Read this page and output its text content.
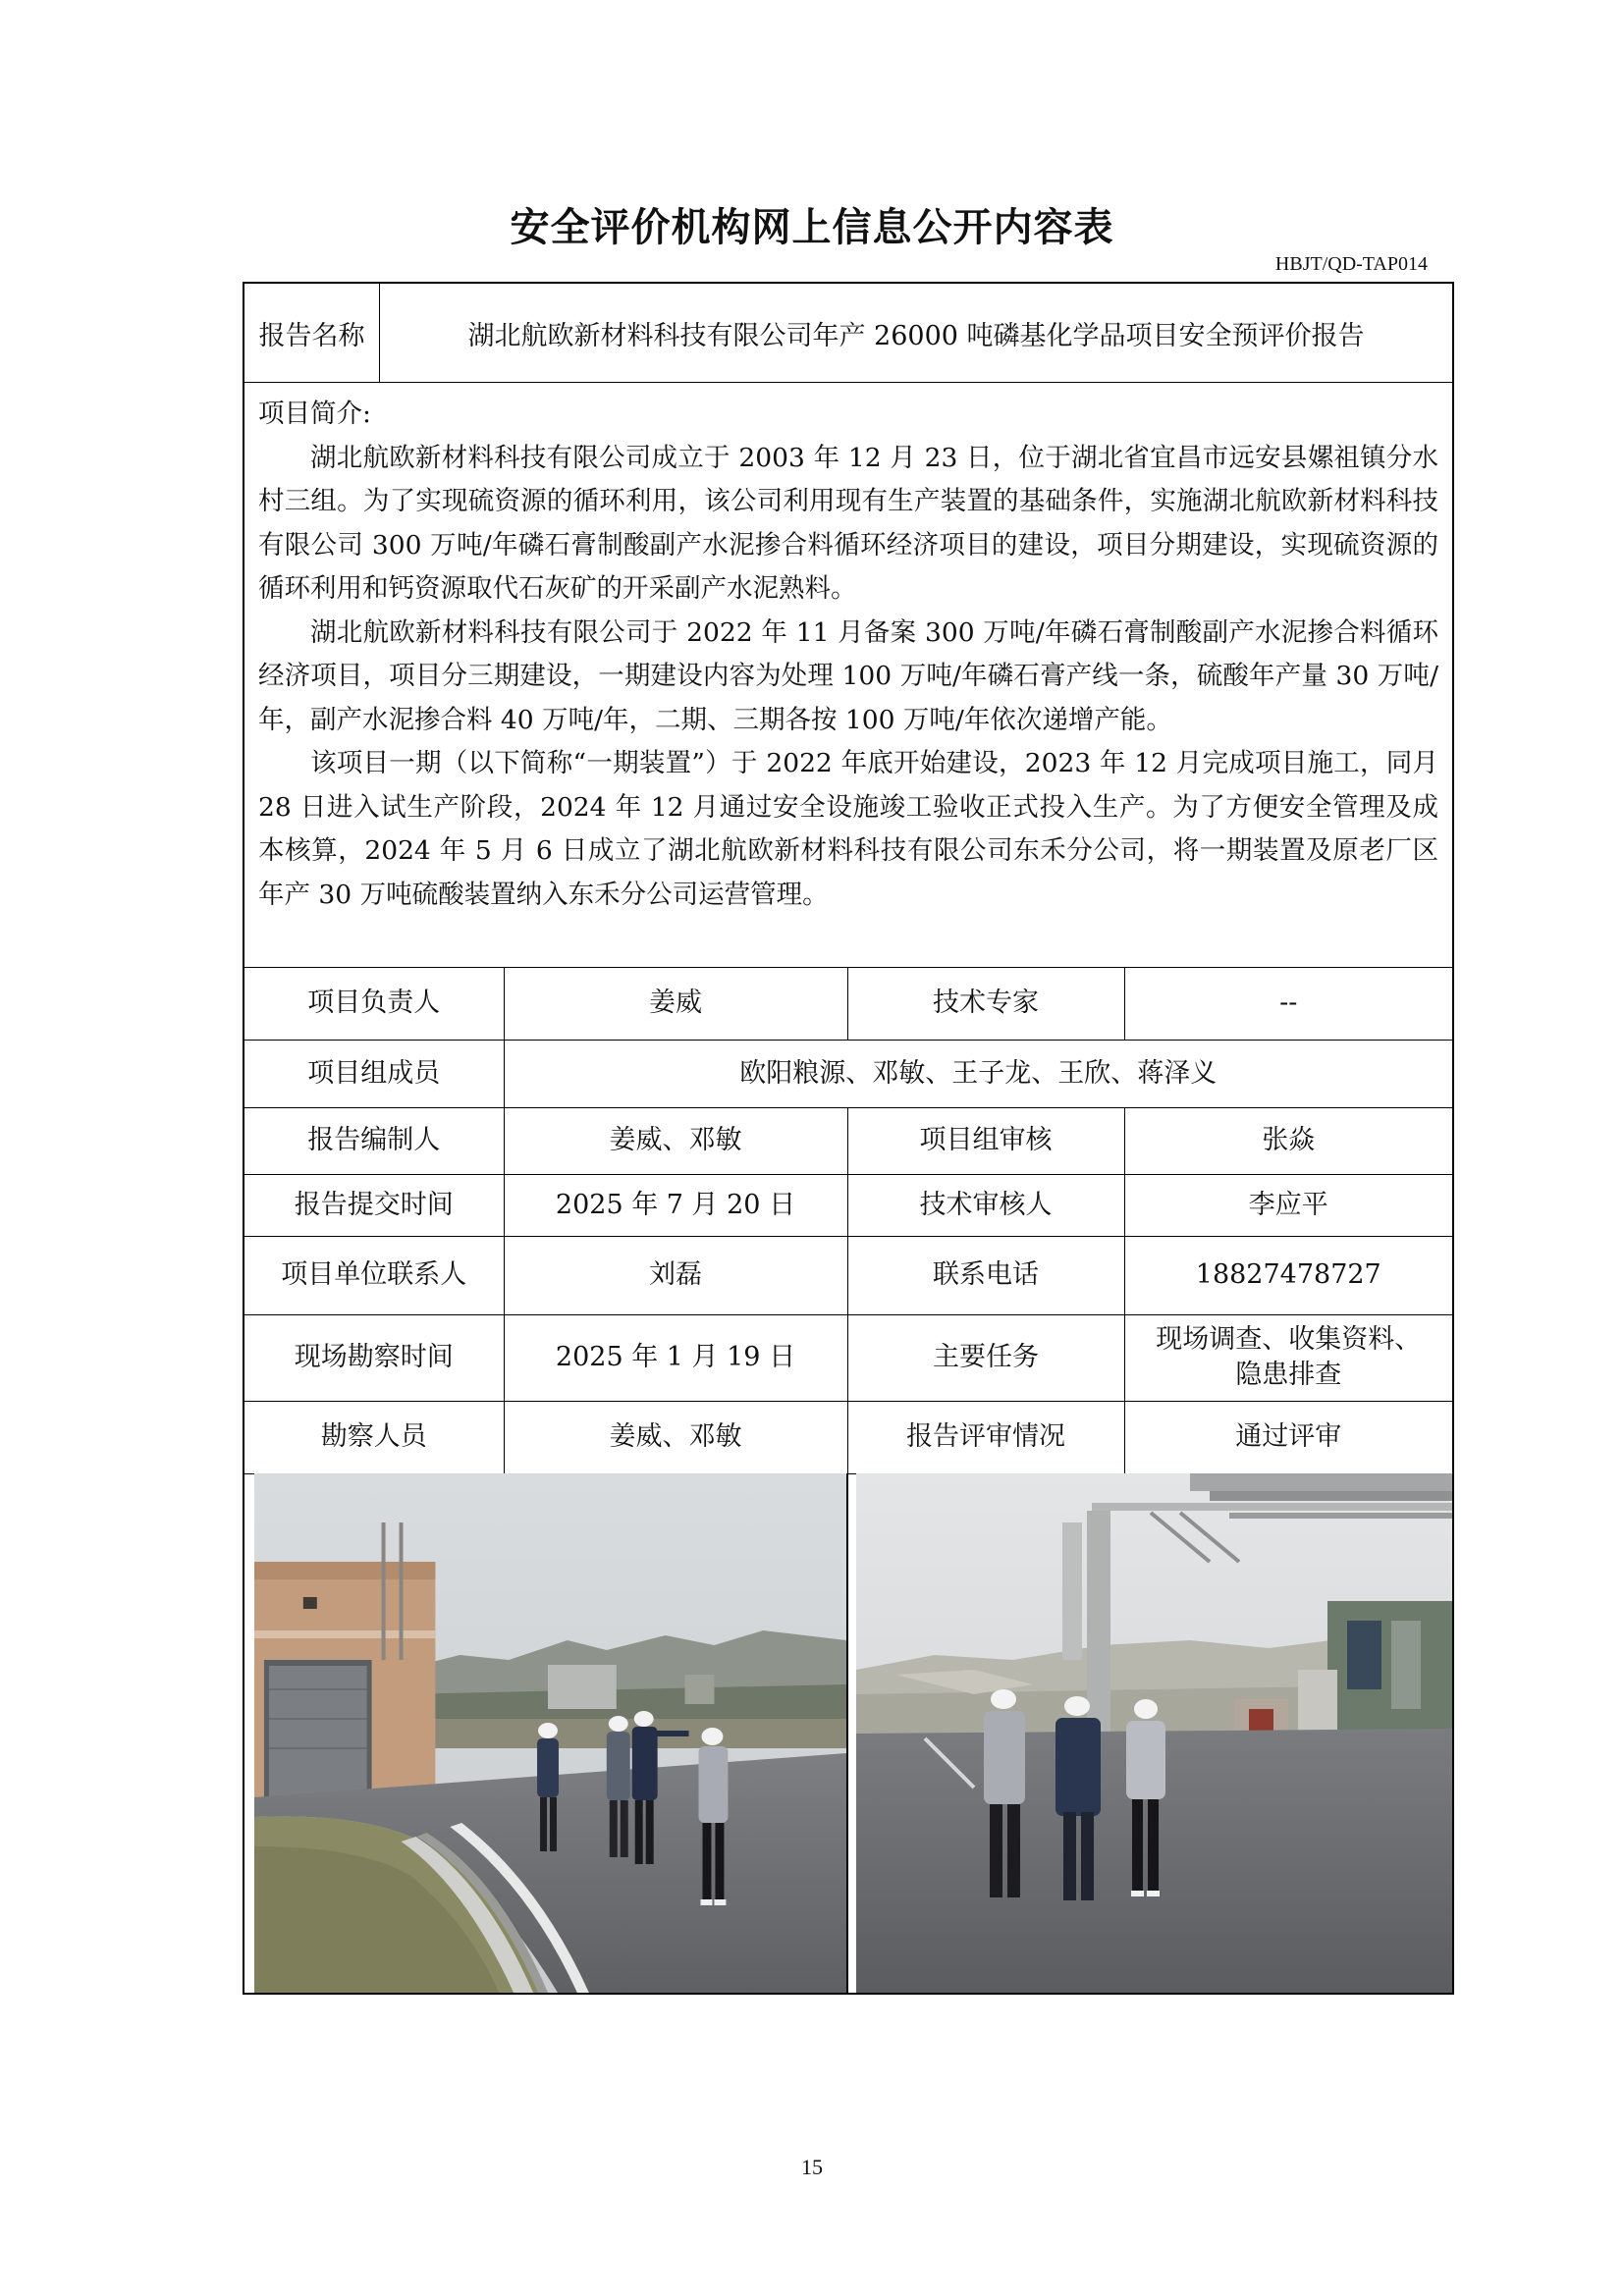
安全评价机构网上信息公开内容表
HBJT/QD-TAP014
报告名称	湖北航欧新材料科技有限公司年产 26000 吨磷基化学品项目安全预评价报告
项目简介:

湖北航欧新材料科技有限公司成立于 2003 年 12 月 23 日，位于湖北省宜昌市远安县嫘祖镇分水村三组。为了实现硫资源的循环利用，该公司利用现有生产装置的基础条件，实施湖北航欧新材料科技有限公司 300 万吨/年磷石膏制酸副产水泥掺合料循环经济项目的建设，项目分期建设，实现硫资源的循环利用和钙资源取代石灰矿的开采副产水泥熟料。

湖北航欧新材料科技有限公司于 2022 年 11 月备案 300 万吨/年磷石膏制酸副产水泥掺合料循环经济项目，项目分三期建设，一期建设内容为处理 100 万吨/年磷石膏产线一条，硫酸年产量 30 万吨/年，副产水泥掺合料 40 万吨/年，二期、三期各按 100 万吨/年依次递增产能。

该项目一期（以下简称“一期装置”）于 2022 年底开始建设，2023 年 12 月完成项目施工，同月 28 日进入试生产阶段，2024 年 12 月通过安全设施竣工验收正式投入生产。为了方便安全管理及成本核算，2024 年 5 月 6 日成立了湖北航欧新材料科技有限公司东禾分公司，将一期装置及原老厂区年产 30 万吨硫酸装置纳入东禾分公司运营管理。

项目负责人	姜威	技术专家	--
项目组成员	欧阳粮源、邓敏、王子龙、王欣、蒋泽义		
报告编制人	姜威、邓敏	项目组审核	张焱
报告提交时间	2025 年 7 月 20 日	技术审核人	李应平
项目单位联系人	刘磊	联系电话	18827478727
现场勘察时间	2025 年 1 月 19 日	主要任务	现场调查、收集资料、
隐患排查

勘察人员	姜威、邓敏	报告评审情况	通过评审
15
